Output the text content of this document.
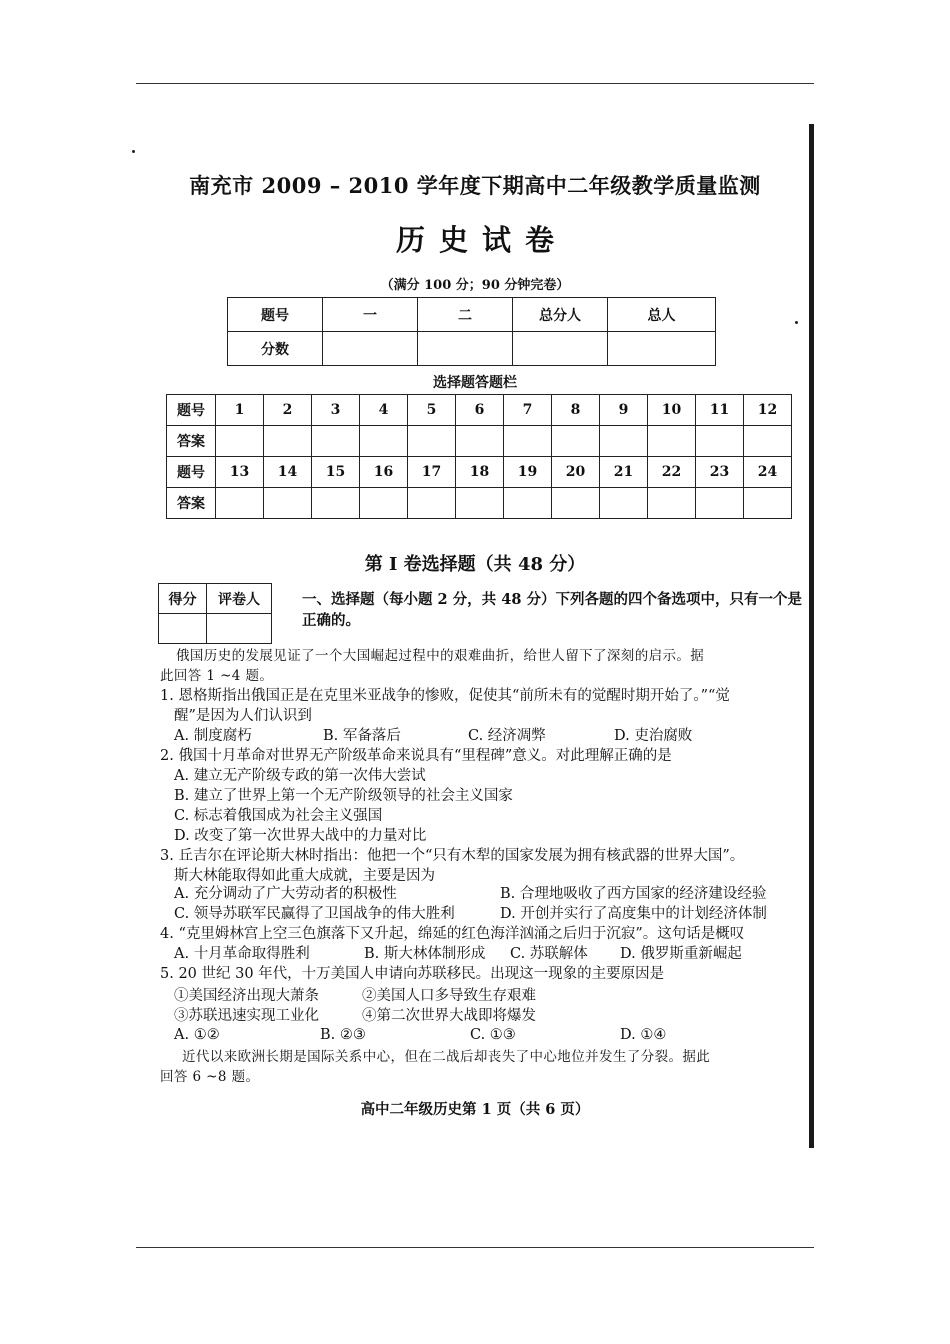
南充市 2009 – 2010 学年度下期高中二年级教学质量监测
历史试卷
（满分 100 分；90 分钟完卷）
题号	一	二	总分人	总人
分数				
选择题答题栏
题号	1	2	3	4	5	6	7	8	9	10	11	12
答案												
题号	13	14	15	16	17	18	19	20	21	22	23	24
答案												
第 I 卷选择题（共 48 分）
得分	评卷人
		一、选择题（每小题 2 分，共 48 分）下列各题的四个备选项中，只有一个是正确的。
俄国历史的发展见证了一个大国崛起过程中的艰难曲折，给世人留下了深刻的启示。据
此回答 1 ~4 题。
1. 恩格斯指出俄国正是在克里米亚战争的惨败，促使其“前所未有的觉醒时期开始了。”“觉
醒”是因为人们认识到
A. 制度腐朽	B. 军备落后	C. 经济凋弊	D. 吏治腐败
2. 俄国十月革命对世界无产阶级革命来说具有“里程碑”意义。对此理解正确的是
A. 建立无产阶级专政的第一次伟大尝试
B. 建立了世界上第一个无产阶级领导的社会主义国家
C. 标志着俄国成为社会主义强国
D. 改变了第一次世界大战中的力量对比
3. 丘吉尔在评论斯大林时指出：他把一个“只有木犁的国家发展为拥有核武器的世界大国”。
斯大林能取得如此重大成就，主要是因为
A. 充分调动了广大劳动者的积极性	B. 合理地吸收了西方国家的经济建设经验
C. 领导苏联军民赢得了卫国战争的伟大胜利	D. 开创并实行了高度集中的计划经济体制
4. “克里姆林宫上空三色旗落下又升起，绵延的红色海洋汹涌之后归于沉寂”。这句话是概叹
A. 十月革命取得胜利	B. 斯大林体制形成 C. 苏联解体 D. 俄罗斯重新崛起
5. 20 世纪 30 年代，十万美国人申请向苏联移民。出现这一现象的主要原因是
①美国经济出现大萧条	②美国人口多导致生存艰难
③苏联迅速实现工业化	④第二次世界大战即将爆发
A. ①②	B. ②③	C. ①③	D. ①④
近代以来欧洲长期是国际关系中心，但在二战后却丧失了中心地位并发生了分裂。据此
回答 6 ~8 题。
高中二年级历史第 1 页（共 6 页）
